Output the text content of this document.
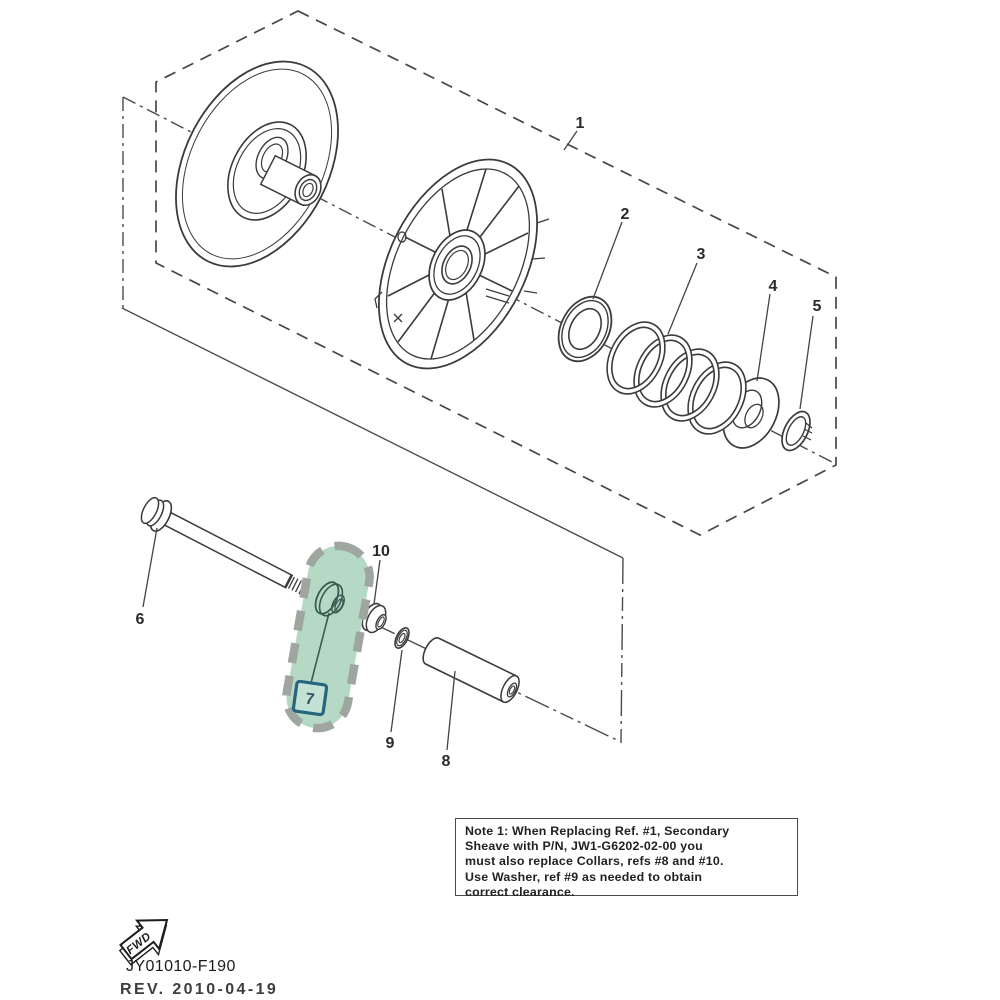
7
1
2
3
4
5
6
8
9
10
FWD
Note 1: When Replacing Ref. #1, Secondary
Sheave with P/N, JW1-G6202-02-00 you
must also replace Collars, refs #8 and #10.
Use Washer, ref #9 as needed to obtain
correct clearance.
JY01010-F190
REV. 2010-04-19
